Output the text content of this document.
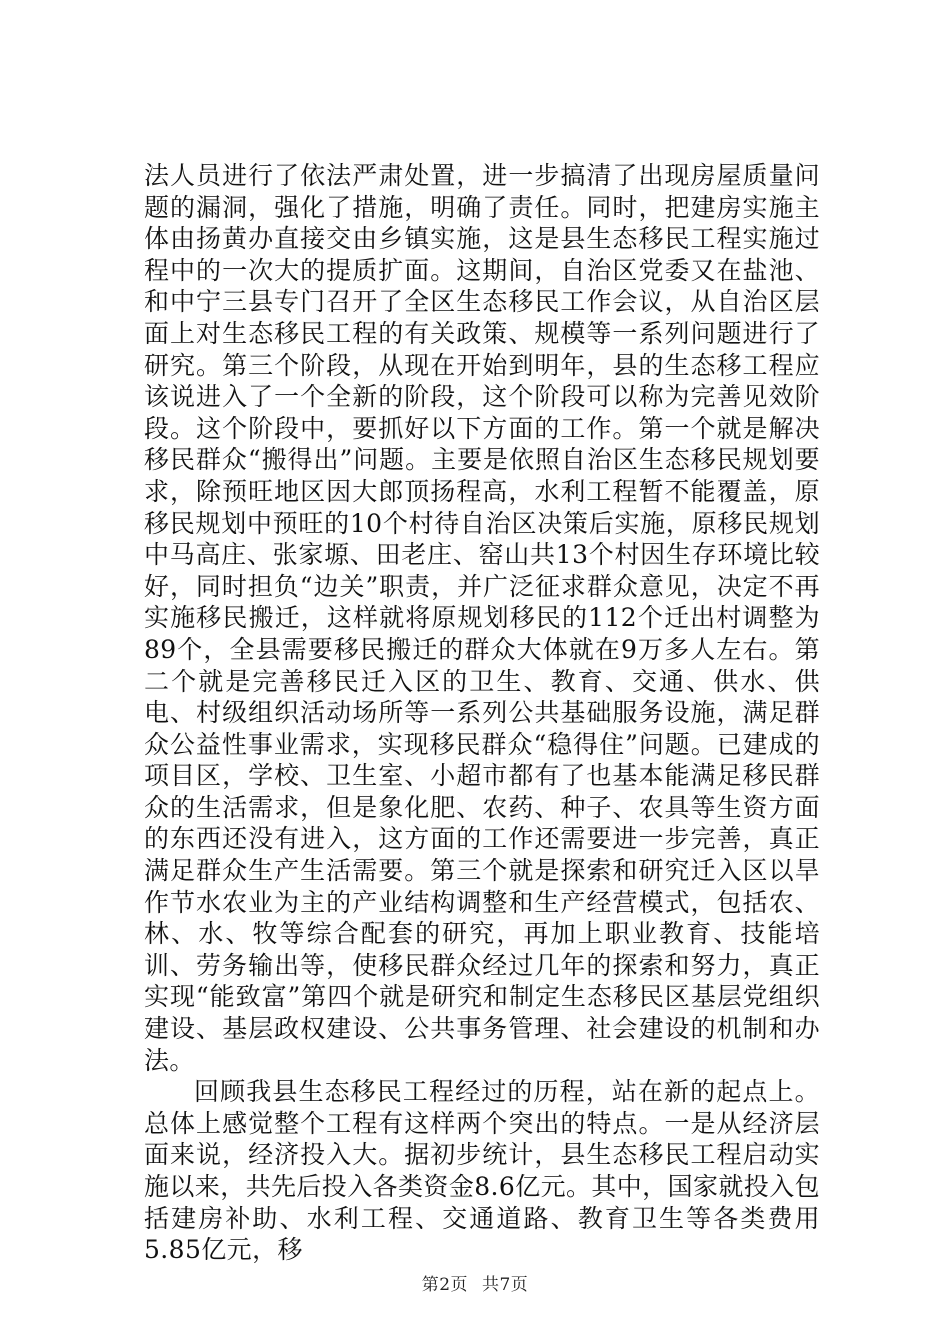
法人员进行了依法严肃处置，进一步搞清了出现房屋质量问题的漏洞，强化了措施，明确了责任。同时，把建房实施主体由扬黄办直接交由乡镇实施，这是县生态移民工程实施过程中的一次大的提质扩面。这期间，自治区党委又在盐池、和中宁三县专门召开了全区生态移民工作会议，从自治区层面上对生态移民工程的有关政策、规模等一系列问题进行了研究。第三个阶段，从现在开始到明年，县的生态移工程应该说进入了一个全新的阶段，这个阶段可以称为完善见效阶段。这个阶段中，要抓好以下方面的工作。第一个就是解决移民群众“搬得出”问题。主要是依照自治区生态移民规划要求，除预旺地区因大郎顶扬程高，水利工程暂不能覆盖，原移民规划中预旺的10个村待自治区决策后实施，原移民规划中马高庄、张家塬、田老庄、窑山共13个村因生存环境比较好，同时担负“边关”职责，并广泛征求群众意见，决定不再实施移民搬迁，这样就将原规划移民的112个迁出村调整为89个，全县需要移民搬迁的群众大体就在9万多人左右。第二个就是完善移民迁入区的卫生、教育、交通、供水、供电、村级组织活动场所等一系列公共基础服务设施，满足群众公益性事业需求，实现移民群众“稳得住”问题。已建成的项目区，学校、卫生室、小超市都有了也基本能满足移民群众的生活需求，但是象化肥、农药、种子、农具等生资方面的东西还没有进入，这方面的工作还需要进一步完善，真正满足群众生产生活需要。第三个就是探索和研究迁入区以旱作节水农业为主的产业结构调整和生产经营模式，包括农、林、水、牧等综合配套的研究，再加上职业教育、技能培训、劳务输出等，使移民群众经过几年的探索和努力，真正实现“能致富”第四个就是研究和制定生态移民区基层党组织建设、基层政权建设、公共事务管理、社会建设的机制和办法。

回顾我县生态移民工程经过的历程，站在新的起点上。总体上感觉整个工程有这样两个突出的特点。一是从经济层面来说，经济投入大。据初步统计，县生态移民工程启动实施以来，共先后投入各类资金8.6亿元。其中，国家就投入包括建房补助、水利工程、交通道路、教育卫生等各类费用5.85亿元，移

第2页 共7页
